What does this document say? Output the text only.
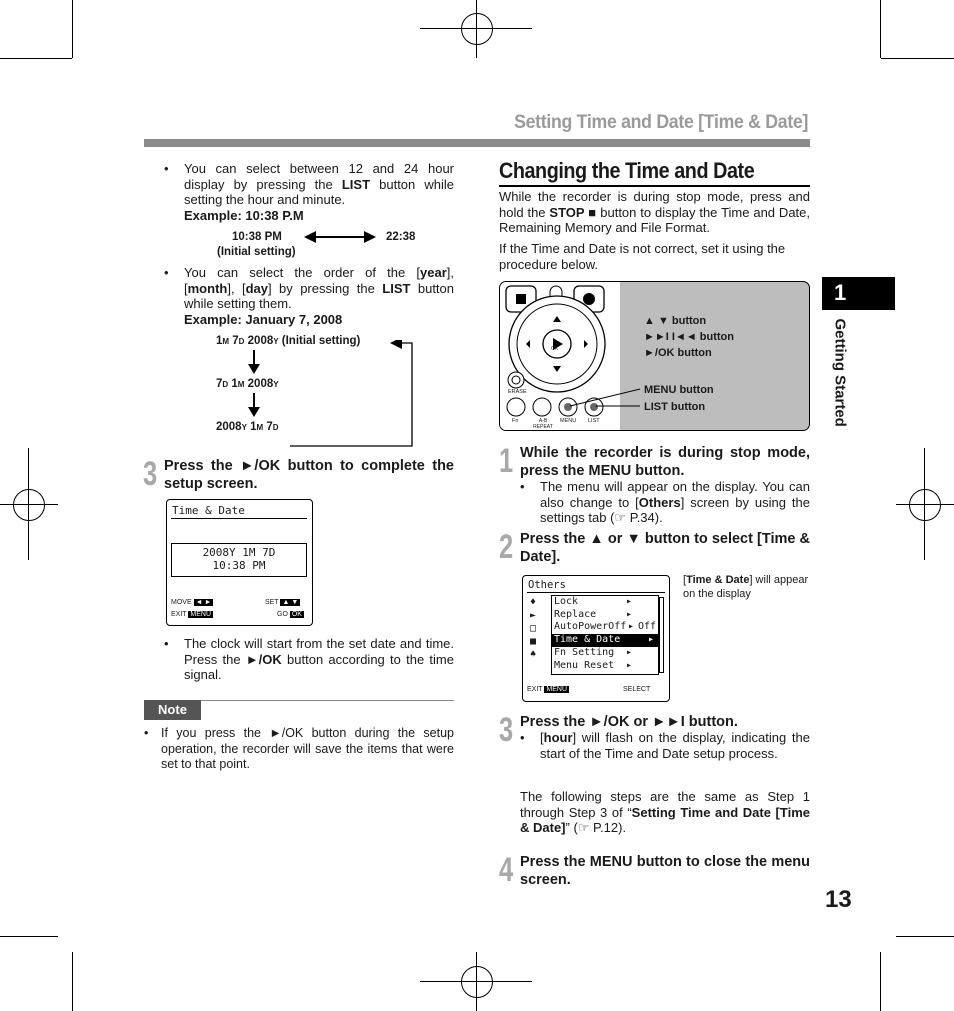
Setting Time and Date [Time & Date]
1
Getting Started
• You can select between 12 and 24 hour display by pressing the LIST button while setting the hour and minute.
Example: 10:38 P.M
10:38 PM	22:38
(Initial setting)
• You can select the order of the [year], [month], [day] by pressing the LIST button while setting them.
Example: January 7, 2008
1M 7D 2008Y (Initial setting)
7D 1M 2008Y
2008Y 1M 7D
3 Press the ►/OK button to complete the setup screen.
Time & Date
2008Y 1M 7D
10:38 PM
MOVE ◄ ►	SET ▲ ▼
EXIT MENU	GO OK
• The clock will start from the set date and time. Press the ►/OK button according to the time signal.
Note
• If you press the ►/OK button during the setup operation, the recorder will save the items that were set to that point.
Changing the Time and Date
While the recorder is during stop mode, press and hold the STOP ■ button to display the Time and Date, Remaining Memory and File Format.
If the Time and Date is not correct, set it using the procedure below.
ERASE
Fn	A-B REPEAT
MENU LIST
OK
▲ ▼ button
►►I I◄◄ button
►/OK button
MENU button
LIST button
1 While the recorder is during stop mode, press the MENU button.
• The menu will appear on the display. You can also change to [Others] screen by using the settings tab (☞ P.34).
2 Press the ▲ or ▼ button to select [Time & Date].
Others
♦
►
□
■
♠
Lock	▸
Replace	▸
AutoPowerOff ▸ Off
Time & Date	▸
Fn Setting ▸
Menu Reset ▸
EXIT MENU	SELECT
[Time & Date] will appear on the display
3 Press the ►/OK or ►►I button.
• [hour] will flash on the display, indicating the start of the Time and Date setup process.
The following steps are the same as Step 1 through Step 3 of “Setting Time and Date [Time & Date]” (☞ P.12).
4 Press the MENU button to close the menu screen.
13
